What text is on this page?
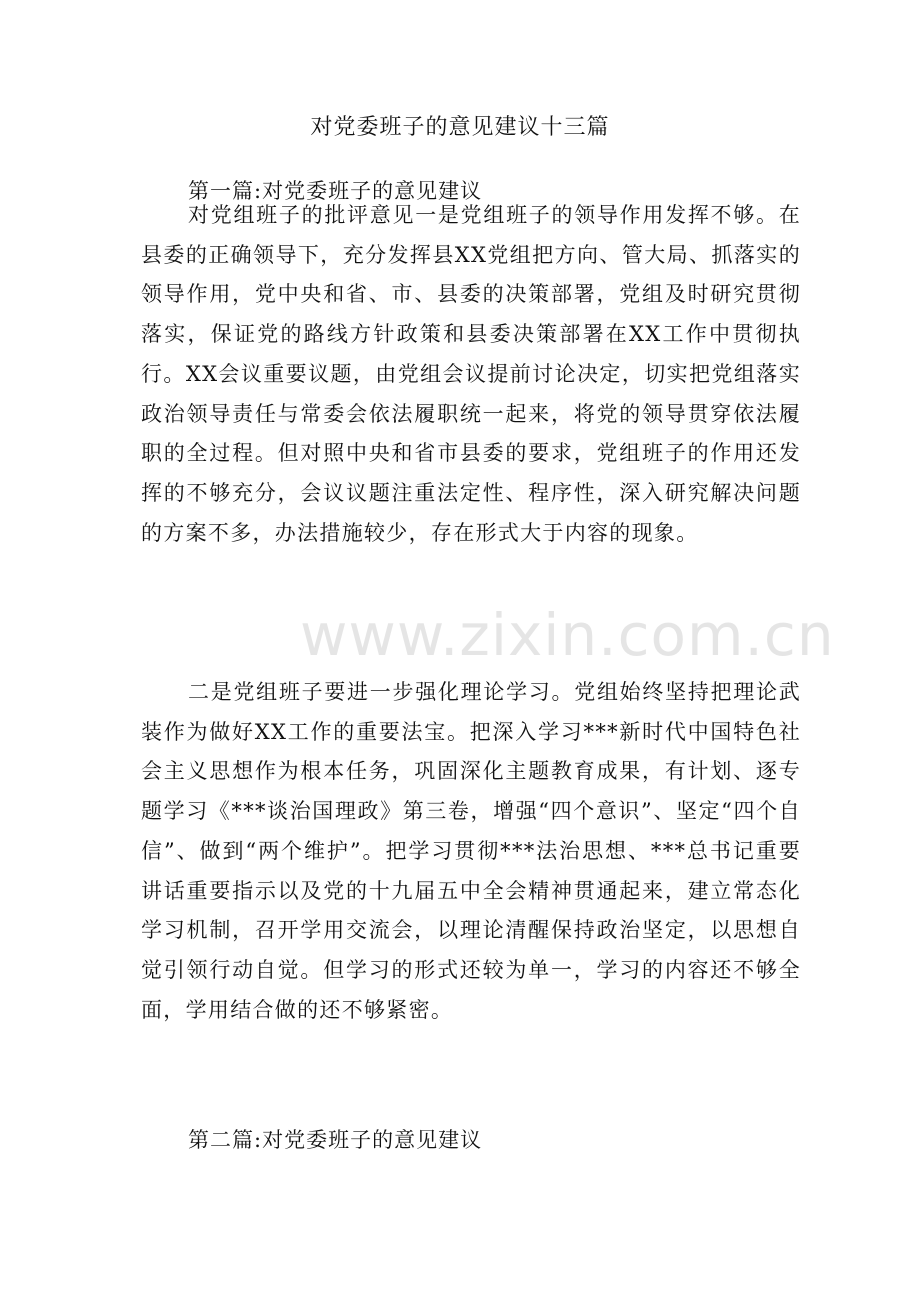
www.zixin.com.cn
对党委班子的意见建议十三篇
第一篇:对党委班子的意见建议

对党组班子的批评意见一是党组班子的领导作用发挥不够。在县委的正确领导下，充分发挥县XX党组把方向、管大局、抓落实的领导作用，党中央和省、市、县委的决策部署，党组及时研究贯彻落实，保证党的路线方针政策和县委决策部署在XX工作中贯彻执行。XX会议重要议题，由党组会议提前讨论决定，切实把党组落实政治领导责任与常委会依法履职统一起来，将党的领导贯穿依法履职的全过程。但对照中央和省市县委的要求，党组班子的作用还发挥的不够充分，会议议题注重法定性、程序性，深入研究解决问题的方案不多，办法措施较少，存在形式大于内容的现象。

二是党组班子要进一步强化理论学习。党组始终坚持把理论武装作为做好XX工作的重要法宝。把深入学习***新时代中国特色社会主义思想作为根本任务，巩固深化主题教育成果，有计划、逐专题学习《***谈治国理政》第三卷，增强“四个意识”、坚定“四个自信”、做到“两个维护”。把学习贯彻***法治思想、***总书记重要讲话重要指示以及党的十九届五中全会精神贯通起来，建立常态化学习机制，召开学用交流会，以理论清醒保持政治坚定，以思想自觉引领行动自觉。但学习的形式还较为单一，学习的内容还不够全面，学用结合做的还不够紧密。

第二篇:对党委班子的意见建议
